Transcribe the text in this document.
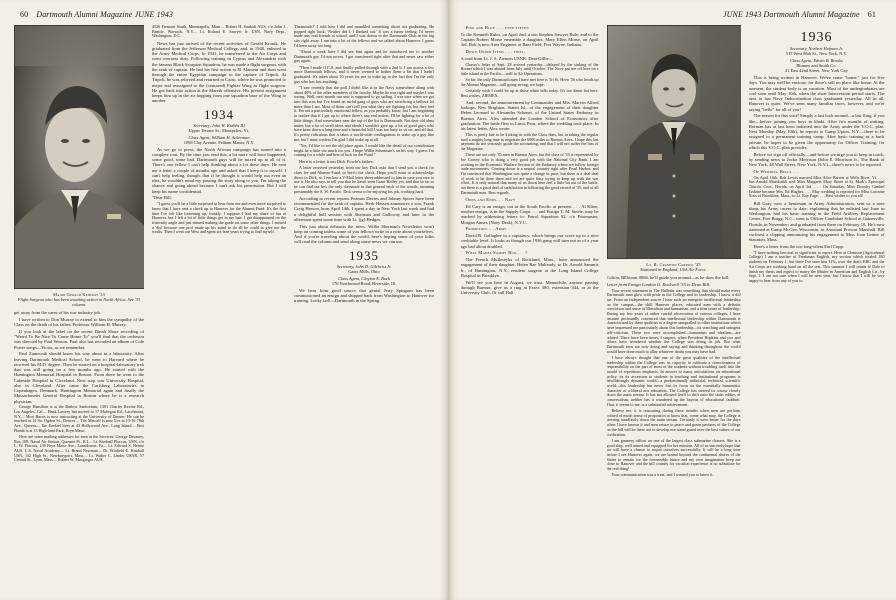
60 Dartmouth Alumni Magazine JUNE 1943
Major Gerald Kenison '33
Flight Surgeon who has been awaiting action in North Africa. See '33 column.

get away from the cares of his war industry job.

I have written to Don Murray to extend to him the sympathy of the Class on the death of his father, Professor William H. Murray.

If you look at the label on the recent Dinah Shore recording of "Weird To Be Nice To Come Home To" you'll find that the orchestra was directed by Paul Weston. Paul also has recorded an album of Cole Porter songs—Victor, as we remember.

Paul Zamecnik should know his way about in a laboratory. After leaving Dartmouth Medical School, he went to Harvard where he received his M.D. degree. Then he started on a hospital-laboratory trek that was still going on a few months ago. He started with the Huntington Memorial Hospital in Boston. From there he went to the Lakeside Hospital in Cleveland. Next stop was University Hospital, also in Cleveland. After came the Carlsberg Laboratories in Copenhagen, Denmark, Huntington Memorial again and finally the Massachusetts General Hospital in Boston where he is a research physician.

George Hamilton is at the Barlow Sanitorium, 1301 Charles Ravine Rd., Los Angeles, Cal.... Hank Lawrey has moved to 17 Mohegan Rd., Larchmont, N.Y.... Mort Harris is now instructing at the University of Denver. He can be reached at 14 So. Ogden St., Denver.... Tris Metcalf is now live at 13-16 78th Ave., Queens.... Ike Ezekiel lives at 43 Hollywood Ave., Long Island.... Bert Plumb is at 13 High-land Park, Bryn Mawr.

Here are some mailing addresses for men in the Services: George Devaney, Box 108, Naval Air Station, Quonset Pt., R.I.... Lt. Kimball Flaccus, USN, c/o L. W. Flaccus, 139 Bryn Mawr Ave., Lansdowne, Pa.... Lt. Edward S. Heintz AUS, U.S. Naval Academy.... Lt. Brand Newman.... Dr. Winfield E. Kimball USN, 132 High St., Newburyport, Mass.... Lt. Walter C. Linder USNR, 57 Central St., Lynn, Mass.... Robert W. Macgregor AUS,

4526 Fremont South, Minneapolis, Minn.... Robert H. Soukoli AUS, c/o John J. Beattie, Warwick, N.Y.... Lt. Roland E. Sawyer Jr. USN, Navy Dept., Washington, D.C.

News has just arrived of the recent activities of Gerald Kronik. He graduated from the Jefferson Medical College, and, in 1940, enlisted in the Army Medical Corps. In 1941, he transferred to the Air Corps and went overseas duty. Following training in Cyprus and Alexandria with the famous Black Scorpion Squadron, he was made a flight surgeon, with the rank of captain. He had his first action at El Alamein and then went through the entire Egyptian campaign to the capture of Tripoli. At Tripoli, he was relieved and returned to Cairo, where he was promoted to major and reassigned to the (censored) Fighter Wing as flight surgeon. He got back into action at the Mareth offensive. His present assignment keeps him up in the air hopping from one squadron base of the Wing to another.

1934
Secretary, John W. Knibbs III
Upper Terrace St., Montpelier, Vt.
Class Agent, William H. Ackerman
1098 Clay Avenue, Pelham Manor, N.Y.

As we go to press, the North African campaign has turned into a complete rout. By the time you read this, a lot more will have happened, some good, some bad. Dartmouth guys will be mixed up in all of it. There's one fellow I can't help thinking about a lot these days. He sent me a letter a couple of months ago and asked that I keep it to myself. I can't help feeling, though, that if he thought it would help out even an idea, he wouldn't mind my passing the story along to you. I'm taking the chance and going ahead because I can't ask his permission. But I will keep his name confidential.

"Dear Bill,

"I guess you'll be a little surprised to hear from me and even more surprised to know that I have sent a check up to Hanover for the Alumni Fund. It's the first time I've felt like loosening up, frankly. I suppose I had my share of fun at Hanover, but I felt a lot of little things get in my hair. I got disappointed on the fraternity angle and just missed making the grade on some other things. I missed a 'dip' because one prof made up his mind to do all he could to give me the works. Then I went out West and spent six lean years trying to find myself.

'Dartmouth?' I told him I did and mumbled something about not graduating. He popped right back, 'Neither did I. I flunked out.' It was a funny feeling. I'd never made any real friends at school, and I was drawn to the Dartmouth Club in the big city right away. I ran into a lot of the fellows and we talked about Hanover. I guess I'd been away too long.

"About a week later I did see him again and he introduced me to another Dartmouth guy I'd run across. I got transferred right after that and never saw either guy again.

"Then I made O.C.S. and finally pulled through with a 2nd lt. I ran across a few more Dartmouth fellows, and it never seemed to bother them a bit that I hadn't graduated. It's taken about 10 years for me to wake up to the fact that I'm the only guy who has lost anything.

"I saw recently that the poll I didn't like is in the Navy somewhere along with about 40% of the other members of the faculty. Maybe he was right and maybe I was wrong. Well, next month our unit is supposed to go sailing. I was sure when we got into this war, but I've found an awful gang of guys who are sacrificing a helluva lot more than I am. Most of them can't tell you what they are fighting for, but they feel it. I'm not a particularly emotional fellow, as you probably know, but I am beginning to realize that if I get up to where there's any real action, I'll be fighting for a lot of little things. And somewhere near the top of the list is Dartmouth. Not dear old alma mater, but a lot of swell ideas and ideals I wouldn't give up, a lot of good guys who have been down a long time and a beautiful hill I was too busy to sit on, and all that. It's pretty ridiculous that it takes a world-wide conflagration to wake up a guy like me, but I must confess I'm glad I did wake up at all.

"Yes, I'd like to see the old place again. I would like the detail of our contribution might be a little too much for you. I hope Willie Schenman's on his way. I guess I'm coming for a while and best of luck on the Fund."

Here is a letter from Dick Fowle's father:

A letter received yesterday from our boy Dick asks that I send you a check for class fee and Alumni Fund, so here's the check. Hope you'll want to acknowledge direct to Dick, so I enclose a V-Mail letter sheet addressed to him in case you care to use it. He also says to tell you that he hasn't seen Grant Heiley yet, and that so far as he can find out he's the only classmate in that general neck of the woods, meaning presumably the S. W. Pacific. Dick seems to be enjoying his job, working hard.

According to recent reports Peanuts Davies and Johnny Spicer have been recommended for the rank of captain. Herb Hessen announces a son, Frank Craig Hesson, born April 14th. I spent a day in New York last week and had a delightful bull session with Sherman and Galloway and later in the afternoon spent some time with Lt. (jg) Hedges.

This just about exhausts the news. Willie Sherman's Newsletter won't keep on coming unless some of you fellows write in a note about yourselves. And if you're traveling about the world, here's hoping some of your folks will read the column and send along some news we can use.

1935
Secretary, John D. Gilchrist Jr.
Gates Mills, Ohio
Class Agent, Clayton E. Buck
176 Northwood Road, Riverside, Ill.

We hear from good source that genial Jerry Spingarn has been commissioned an ensign and shipped back from Washington to Hanover for training. Lucky lad!—Dartmouth in the Spring.

JUNE 1943 Dartmouth Alumni Magazine 61

Pink and Blue . . . even steven

To the Kenneth Rules, on April 2nd, a son Stephen Sawyer Rule; and to the Captain Robert Morse ensemble a daughter, Mary Ellen Morse, on April 3rd. Bob is now Area Engineer at Baer Field, Fort Wayne, Indiana.

Down Under Items . . . first,

A card from Lt. J. S. Ziemen USNR: Dear Gillie—

Chassy's letter of Sept. 28 arrived yesterday—delayed by the sinking of the Hornet which I was aboard from July until October. The Navy put me off here on a little island in the Pacific—well in Air Operations.

So far, the only Dartmouth men I have met here is Tri St. Heen '36 who heads up the Alumni Magazine—still going strong, we hope.

Certainly wish I could be up at those white hills today. It's too damn hot here. Best wishes, ZIEMEN.

And, second, the announcement by Commander and Mrs. Marvin Alfred Jurkops, New Brighton, Staten Isl., of the engagement of their daughter Helen Leonard to Alexander Schenet, of the United States Embassy in Buenos Aires. Alex attended the London School of Economics after graduation. The bride flew to Lima, Peru, where the wedding took place. In his latest letter, Alex wrote:

This is pretty late to be kicking in with the Class dues, but in taking the regular mail a mighty long time to negotiate the 6000 miles to Buenos Aires. I hope this last payment do not seriously guide the accounting, and that I will not suffer the loss of the Magazine.

There are not only '35 men in Buenos Aires, but the class of '33 is represented by Joe Garvey who is doing a very good job with the National City Bank. I am working in the Economic Warfare Section of the Embassy where we follow foreign trade movements. Coming down is a neutral country right after Pearl Harbor, and I'm convinced that Washington was quite a change in pace, but there is a deal deal of work to be done there and we are quite busy trying to keep up with the war effort. It is only natural that many of us down here feel a little bit out of the battle, but there is a good deal of satisfaction in following the good record of '35, and of all Dartmouth men. Best regards.

Odds and Ends. . . Navy

Ed Cary is an ensign, out in the South Pacific at present. . . . Al Kline, another ensign, is in the Supply Corps . . . and Ensign T. M. Steele, may be reached by addressing letters to: Patrol Squadron 82, c/o Postmaster, Morgan Annex (Navy Desk), N.Y.C.

Promotion. . . Army

David R. Gallagher to a captaincy, which brings our score up to a nice creditable level. It looks as though our 1936 gang will turn out as of a year ago had about doubled.

What Makes Sammy Run. . . ?

The French Mulleseyks of Rockland, Mass., have announced the engagement of their daughter, Helen Rae Mulready, to Dr. Arnold Sammis Jr., of Huntington, N.Y., resident surgeon at the Long Island College Hospital in Brooklyn.

We'll see you here in August, we trust. Meanwhile, anyone passing through Barmor, give us a ring at Essex 380, extension 344, or at the University Club. Or call Hall

Lt. R. Cramton Carrick '35
Stationed in England, USA Air Force.

Colton, BElmont 0066, he'll guide you around—as he does the Iull.

Letter from Ensign London G. Rockwell '35 to Dean Bill:

Your recent statement in The Bulletin was something that should make every Dartmouth man glow with pride in the College and its leadership. I know it did me. From an independent source I hear such an energetic intellectual leadership on the campus—the skill Hanover places, educated men with a definite conviction and sense of liberalism and humanism, and a firm sense of leadership. During my few years of rather careful observation of various colleges, I have become profoundly convinced that intellectual leadership within Dartmouth is characterized by these qualities to a degree unequalled in other institutions which have impressed me particularly about this leadership—its searching and stringent self-criticism. These two were accomplished—humanism and idealism—are related. There have been times, I suspect, when President Hopkins and you and others have wondered whether the College was doing its job. But what Dartmouth men are now doing and saying and thinking throughout the world would have done much to allay whatever doubt you may have had.

I have always thought that one of the great qualities of the intellectual leadership within the College was its capacity to cultivate a consciousness of responsibility on the part of most of the students without troubling itself into the mould of repetitious emphasis. In answer to many articulations on educational policy, its its accession to students in teaching and institutional programs is bewilderingly dynamic world—a predominantly industrial, technical, scientific world—this leadership has never lost its focus on the essentially humanistic character of a liberal arts education. The College has steered its course closely down the main stream. It has not allowed itself to drift onto the static eddies of conservatism, neither has it wandered up the bayous of educational faddism. That, it seems to me, is a substantial achievement.

Believe me, it is reassuring during these months when men are perform colited of much sense of proportion to know that, come what may, the College is steering steadfastly down the main stream. Certainly it were better for the days when I have known it and men return to peace and green pastures of the College on the hill will be there not to develop nor stand guard over the best values of our civilization.

I am gunnery officer on one of the largest class submarine chasers. She is a good ship, well armed and equipped for her mission. All of us sincerely hope that we will have a chance to acquit ourselves successfully. It will be a long time before I see Hanover again; we are bound beyond the continental shores of the States to remain for the foreseeable future and my own imagination keep me close to Hanover and the hill country for vacation experience is no substitute for the real thing!

Your communication was a treat, and I wanted you to know it.

1936
Secretary, Norbert Hofman Jr.
515 West 86th St., New York, N.Y.
Class Agent, Edwin B. Brooks
Blumey and Smith Co.
41 East 42nd Street, New York City

This is being written in Hanover. We've come "home," just for five days. You may well be envious: for there's still no place like home. At the moment, the student body is on vacation. Most of the undergraduates are cool-soon until May 10th, when the short Intercession period starts. The next to last Navy Indoctrination class graduated yesterday. All in all, Hanover is quiet. We've seen many familiar faces, however, and we're saying "hello" for all of you!

The reason for this visit? Simply a last look-around—a last fling, if you like—before joining you boys in khaki. After two months of waiting, Hofman has at last been inducted into the Army under the V.O.C. plan. Next Monday (May 10th), he reports to Camp Upton, N.Y.—there to be assigned to a permanent training camp. After basic training as a buck private, he hopes to be given the opportunity for Officer Training, for which this V.O.C. plan provides.

Before we sign off officially—and before we urge you to keep in touch, by sending news to Jocko Morrison (John E. Morrison Jr., The Bank of New York, 48 Wall Street, New York, N.Y.)—there's news to be reported.

Of Wedding Bells. . .

On April 16th, Bob Lewis married Miss Alice Barrett at Wells River, Vt. . . . Jim Arnold Muedoaldi wed Miss Margaret Mary Stone at St. Mark's Episcopal Church, Coos, Florida, on April 3rd. . . . On Saturday, Miss Dorothy Gimbel Erskine became Mrs. Ed Hughes. . . . May wedding is reported for Miss Lorraine Noss of Brookline, Mass., to Lt. Ray Page. . . . Best wishes to you all!

Bill Gray, now a lieutenant in Army Administration, sent us a note about his Army career to date, explaining that he enlisted last June in Washington, had his basic training in the Field Artillery Replacement Center, Fort Bragg, N.C., went to Officer Candidate School at Gainesville, Florida, in November; and graduated from there on February 10. He's now stationed at Camp McGee, Wisconsin, as Assistant Provost Marshall. Bill enclosed a clipping announcing his engagement to Miss Joan Lerner of Staunton, Mass.

Here's a letter from the too-long-silent Earl Copp:

"I have nothing heroical or significant to report. Here at Clemson (Agricultural College) I am a teacher of Freshman English, my section which totaled 180 students on February 1, but there I've seen hiss 11%, over the draft, ERC and the Air Corps are working hand on all the rest. This summer I will return to Dale to finish my thesis and expect to marry the Master in American and English Lit., by Sept. 1. I am not sure when I will be next year, but I know that I will be very happy to hear from any of you to
